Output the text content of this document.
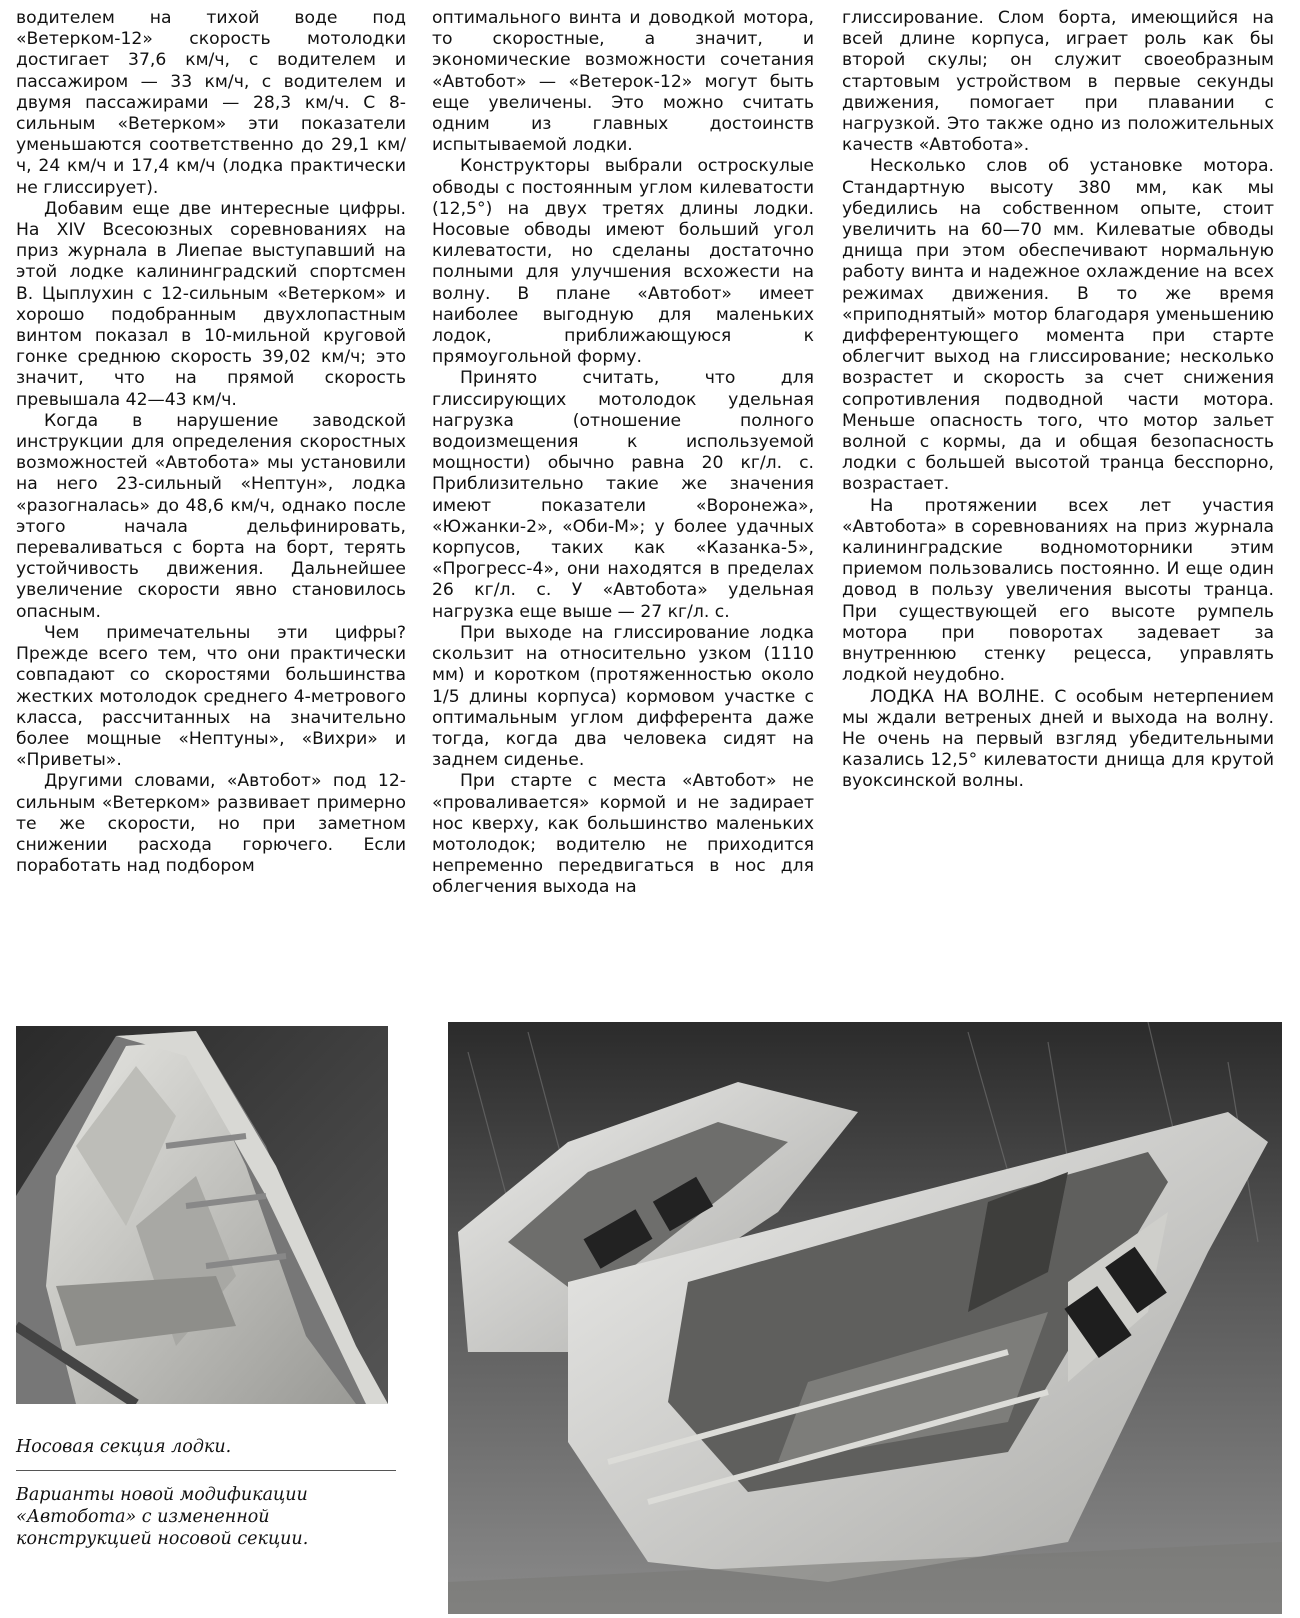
водителем на тихой воде под «Ветерком-12» скорость мотолодки достигает 37,6 км/ч, с водителем и пассажиром — 33 км/ч, с водителем и двумя пассажирами — 28,3 км/ч. С 8-сильным «Ветерком» эти показатели уменьшаются соответственно до 29,1 км/ч, 24 км/ч и 17,4 км/ч (лодка практически не глиссирует).

Добавим еще две интересные цифры. На XIV Всесоюзных соревнованиях на приз журнала в Лиепае выступавший на этой лодке калининградский спортсмен В. Цыплухин с 12-сильным «Ветерком» и хорошо подобранным двухлопастным винтом показал в 10-мильной круговой гонке среднюю скорость 39,02 км/ч; это значит, что на прямой скорость превышала 42—43 км/ч.

Когда в нарушение заводской инструкции для определения скоростных возможностей «Автобота» мы установили на него 23-сильный «Нептун», лодка «разогналась» до 48,6 км/ч, однако после этого начала дельфинировать, переваливаться с борта на борт, терять устойчивость движения. Дальнейшее увеличение скорости явно становилось опасным.

Чем примечательны эти цифры? Прежде всего тем, что они практически совпадают со скоростями большинства жестких мотолодок среднего 4-метрового класса, рассчитанных на значительно более мощные «Нептуны», «Вихри» и «Приветы».

Другими словами, «Автобот» под 12-сильным «Ветерком» развивает примерно те же скорости, но при заметном снижении расхода горючего. Если поработать над подбором

оптимального винта и доводкой мотора, то скоростные, а значит, и экономические возможности сочетания «Автобот» — «Ветерок-12» могут быть еще увеличены. Это можно считать одним из главных достоинств испытываемой лодки.

Конструкторы выбрали остроскулые обводы с постоянным углом килеватости (12,5°) на двух третях длины лодки. Носовые обводы имеют больший угол килеватости, но сделаны достаточно полными для улучшения всхожести на волну. В плане «Автобот» имеет наиболее выгодную для маленьких лодок, приближающуюся к прямоугольной форму.

Принято считать, что для глиссирующих мотолодок удельная нагрузка (отношение полного водоизмещения к используемой мощности) обычно равна 20 кг/л. с. Приблизительно такие же значения имеют показатели «Воронежа», «Южанки-2», «Оби-М»; у более удачных корпусов, таких как «Казанка-5», «Прогресс-4», они находятся в пределах 26 кг/л. с. У «Автобота» удельная нагрузка еще выше — 27 кг/л. с.

При выходе на глиссирование лодка скользит на относительно узком (1110 мм) и коротком (протяженностью около 1/5 длины корпуса) кормовом участке с оптимальным углом дифферента даже тогда, когда два человека сидят на заднем сиденье.

При старте с места «Автобот» не «проваливается» кормой и не задирает нос кверху, как большинство маленьких мотолодок; водителю не приходится непременно передвигаться в нос для облегчения выхода на

глиссирование. Слом борта, имеющийся на всей длине корпуса, играет роль как бы второй скулы; он служит своеобразным стартовым устройством в первые секунды движения, помогает при плавании с нагрузкой. Это также одно из положительных качеств «Автобота».

Несколько слов об установке мотора. Стандартную высоту 380 мм, как мы убедились на собственном опыте, стоит увеличить на 60—70 мм. Килеватые обводы днища при этом обеспечивают нормальную работу винта и надежное охлаждение на всех режимах движения. В то же время «приподнятый» мотор благодаря уменьшению дифферентующего момента при старте облегчит выход на глиссирование; несколько возрастет и скорость за счет снижения сопротивления подводной части мотора. Меньше опасность того, что мотор зальет волной с кормы, да и общая безопасность лодки с большей высотой транца бесспорно, возрастает.

На протяжении всех лет участия «Автобота» в соревнованиях на приз журнала калининградские водномоторники этим приемом пользовались постоянно. И еще один довод в пользу увеличения высоты транца. При существующей его высоте румпель мотора при поворотах задевает за внутреннюю стенку рецесса, управлять лодкой неудобно.

ЛОДКА НА ВОЛНЕ. С особым нетерпением мы ждали ветреных дней и выхода на волну. Не очень на первый взгляд убедительными казались 12,5° килеватости днища для крутой вуоксинской волны.

Носовая секция лодки.
Варианты новой модификации «Автобота» с измененной конструкцией носовой секции.
